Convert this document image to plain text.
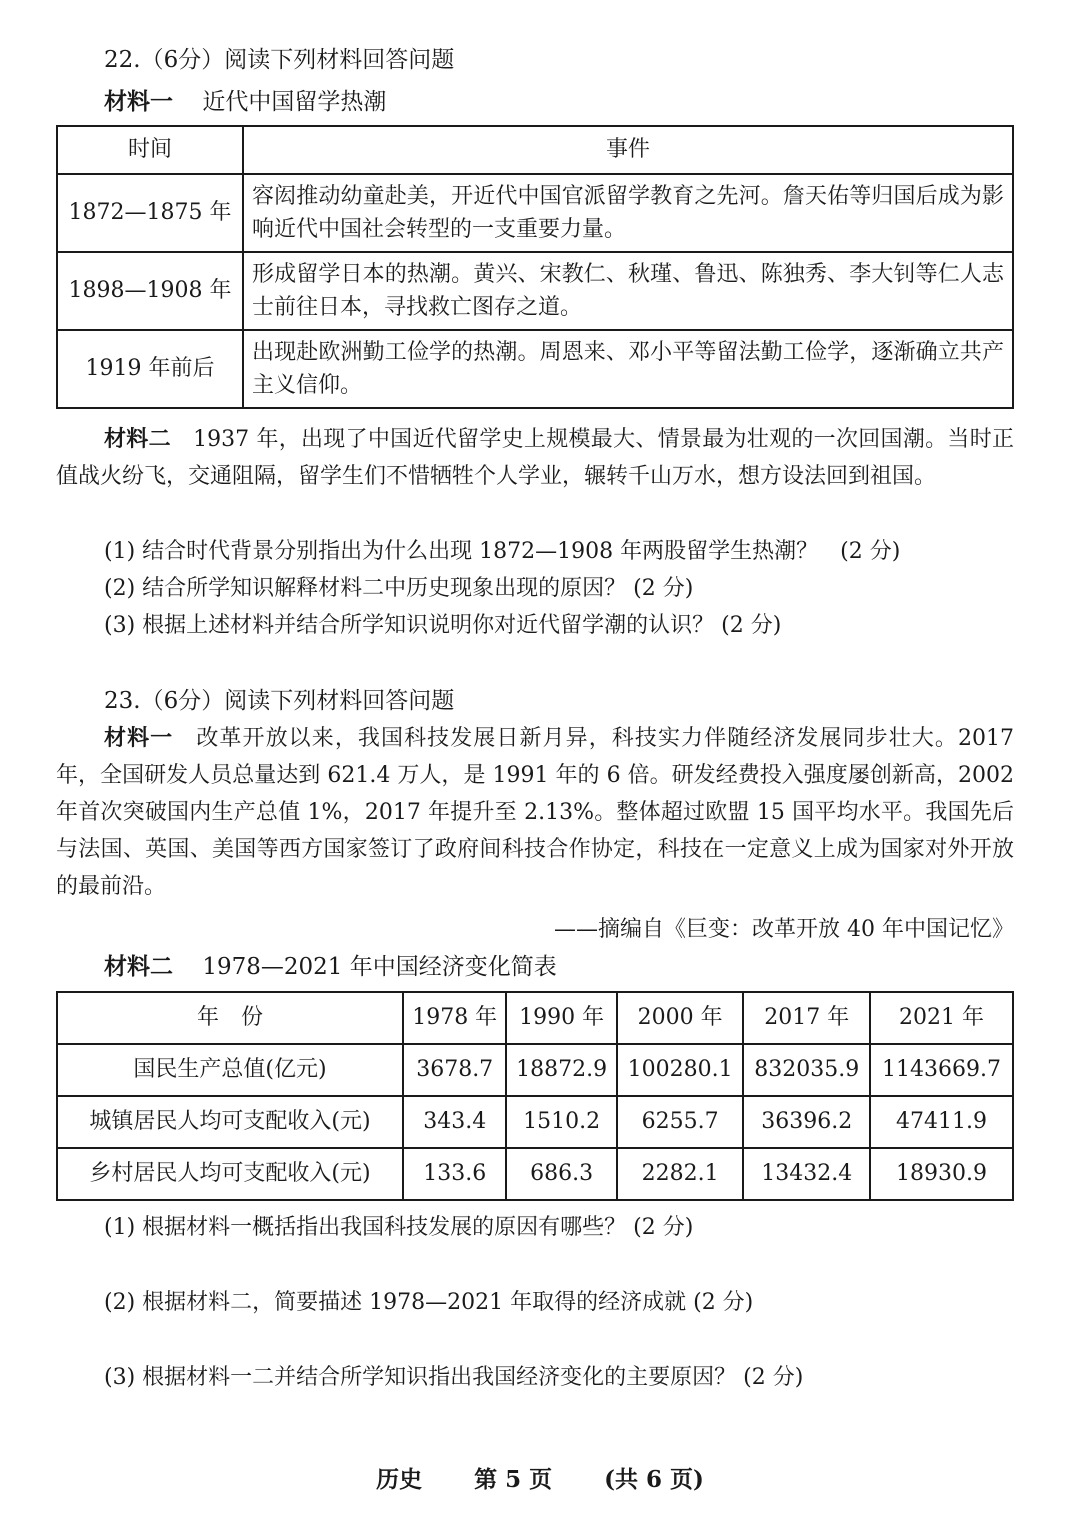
22.（6分）阅读下列材料回答问题
材料一 近代中国留学热潮
时间	事件
1872—1875 年	容闳推动幼童赴美，开近代中国官派留学教育之先河。詹天佑等归国后成为影响近代中国社会转型的一支重要力量。
1898—1908 年	形成留学日本的热潮。黄兴、宋教仁、秋瑾、鲁迅、陈独秀、李大钊等仁人志士前往日本，寻找救亡图存之道。
1919 年前后	出现赴欧洲勤工俭学的热潮。周恩来、邓小平等留法勤工俭学，逐渐确立共产主义信仰。
材料二　 1937 年，出现了中国近代留学史上规模最大、情景最为壮观的一次回国潮。当时正值战火纷飞，交通阻隔，留学生们不惜牺牲个人学业，辗转千山万水，想方设法回到祖国。
(1) 结合时代背景分别指出为什么出现 1872—1908 年两股留学生热潮？　(2 分)
(2) 结合所学知识解释材料二中历史现象出现的原因？ (2 分)
(3) 根据上述材料并结合所学知识说明你对近代留学潮的认识？ (2 分)
23.（6分）阅读下列材料回答问题
材料一　 改革开放以来，我国科技发展日新月异，科技实力伴随经济发展同步壮大。2017 年，全国研发人员总量达到 621.4 万人，是 1991 年的 6 倍。研发经费投入强度屡创新高，2002 年首次突破国内生产总值 1%，2017 年提升至 2.13%。整体超过欧盟 15 国平均水平。我国先后与法国、英国、美国等西方国家签订了政府间科技合作协定，科技在一定意义上成为国家对外开放的最前沿。
——摘编自《巨变：改革开放 40 年中国记忆》
材料二 1978—2021 年中国经济变化简表
年　份	1978 年	1990 年	2000 年	2017 年	2021 年
国民生产总值(亿元)	3678.7	18872.9	100280.1	832035.9	1143669.7
城镇居民人均可支配收入(元)	343.4	1510.2	6255.7	36396.2	47411.9
乡村居民人均可支配收入(元)	133.6	686.3	2282.1	13432.4	18930.9
(1) 根据材料一概括指出我国科技发展的原因有哪些？ (2 分)
(2) 根据材料二，简要描述 1978—2021 年取得的经济成就 (2 分)
(3) 根据材料一二并结合所学知识指出我国经济变化的主要原因？ (2 分)
历史 第 5 页 (共 6 页)
